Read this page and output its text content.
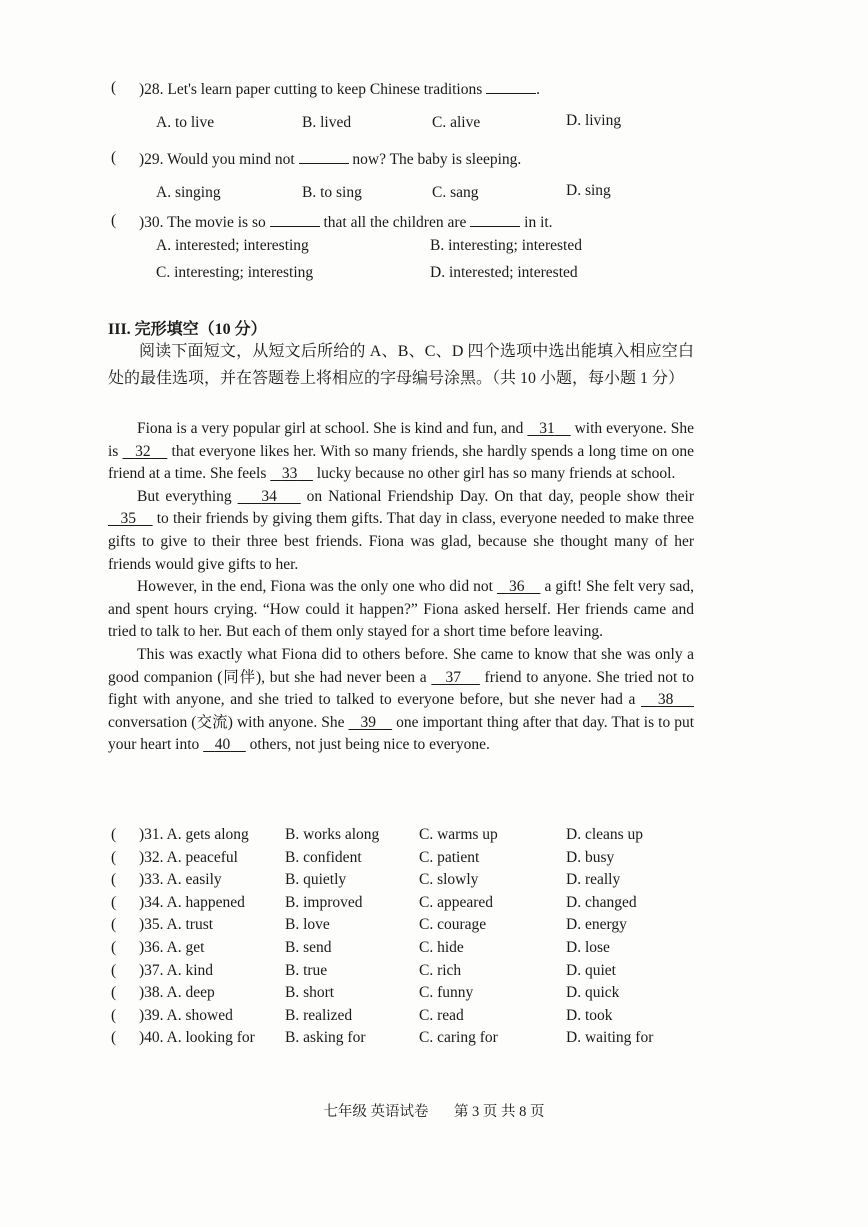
( )28. Let's learn paper cutting to keep Chinese traditions	.
A. to live	B. lived	C. alive	D. living
( )29. Would you mind not	now? The baby is sleeping.
A. singing	B. to sing	C. sang	D. sing
( )30. The movie is so	that all the children are	in it.
A. interested; interesting	B. interesting; interested
C. interesting; interesting	D. interested; interested
III. 完形填空（10 分）

阅读下面短文，从短文后所给的 A、B、C、D 四个选项中选出能填入相应空白处的最佳选项，并在答题卷上将相应的字母编号涂黑。（共 10 小题，每小题 1 分）

Fiona is a very popular girl at school. She is kind and fun, and    31     with everyone. She is    32     that everyone likes her. With so many friends, she hardly spends a long time on one friend at a time. She feels    33     lucky because no other girl has so many friends at school.

But everything     34     on National Friendship Day. On that day, people show their    35     to their friends by giving them gifts. That day in class, everyone needed to make three gifts to give to their three best friends. Fiona was glad, because she thought many of her friends would give gifts to her.

However, in the end, Fiona was the only one who did not    36     a gift! She felt very sad, and spent hours crying. “How could it happen?” Fiona asked herself. Her friends came and tried to talk to her. But each of them only stayed for a short time before leaving.

This was exactly what Fiona did to others before. She came to know that she was only a good companion (同伴), but she had never been a    37     friend to anyone. She tried not to fight with anyone, and she tried to talked to everyone before, but she never had a    38     conversation (交流) with anyone. She    39     one important thing after that day. That is to put your heart into    40     others, not just being nice to everyone.

( )31. A. gets along B. works along	C. warms up	D. cleans up
( )32. A. peaceful	B. confident	C. patient	D. busy
( )33. A. easily	B. quietly	C. slowly	D. really
( )34. A. happened	B. improved	C. appeared	D. changed
( )35. A. trust	B. love	C. courage	D. energy
( )36. A. get	B. send	C. hide	D. lose
( )37. A. kind	B. true	C. rich	D. quiet
( )38. A. deep	B. short	C. funny	D. quick
( )39. A. showed	B. realized	C. read	D. took
( )40. A. looking for B. asking for	C. caring for	D. waiting for
七年级 英语试卷 第 3 页 共 8 页
